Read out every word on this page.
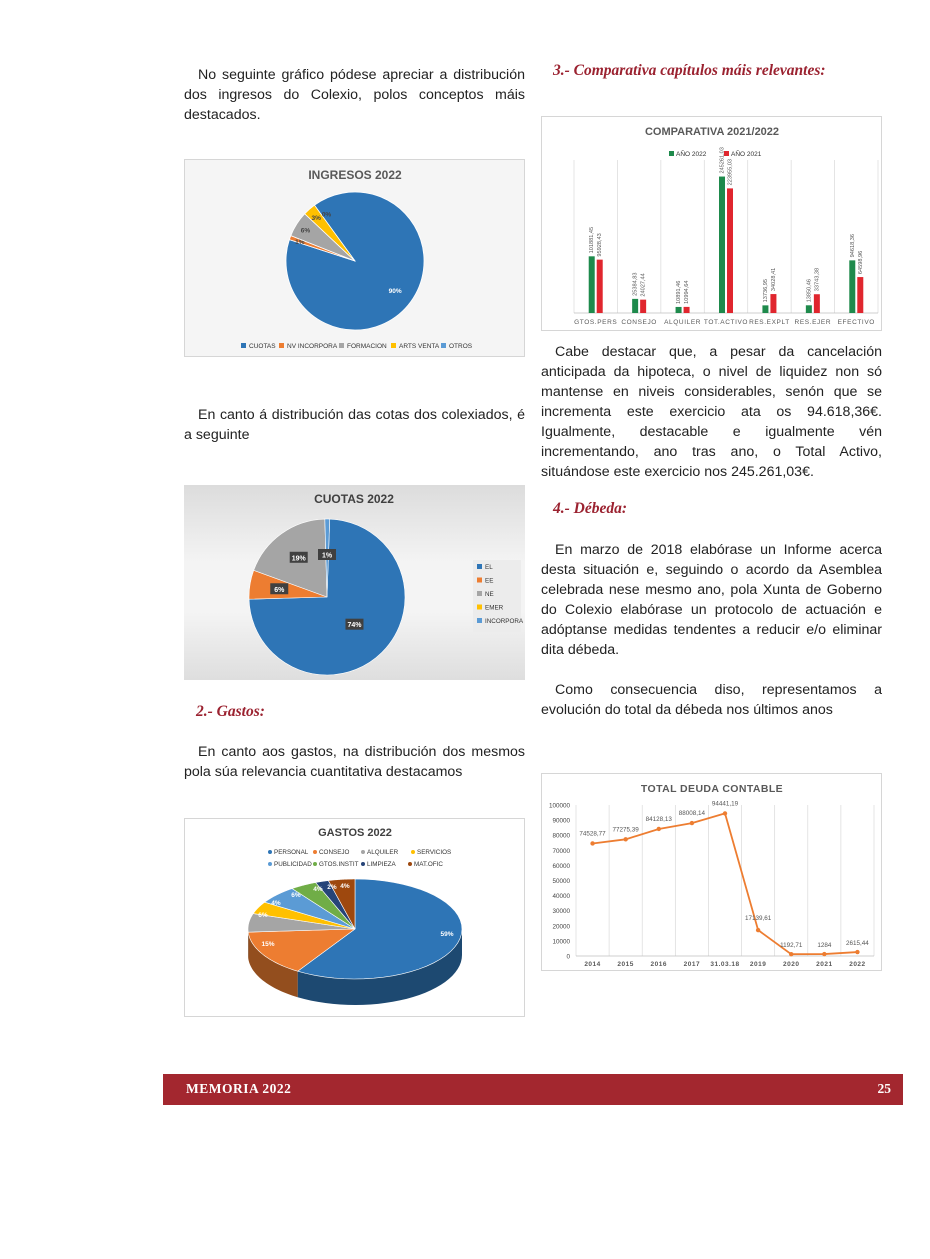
No seguinte gráfico pódese apreciar a distribución dos ingresos do Colexio, polos conceptos máis destacados.

INGRESOS 2022
90%
1%
6%
3% 0%
CUOTAS NV INCORPORA FORMACION ARTS VENTA OTROS

En canto á distribución das cotas dos colexiados, é a seguinte

CUOTAS 2022
74%
6%
19% 1%
EL
EE
NE
EMER
INCORPORA
2.- Gastos:

En canto aos gastos, na distribución dos mesmos pola súa relevancia cuantitativa destacamos

GASTOS 2022
PERSONAL CONSEJO	ALQUILER	SERVICIOS
PUBLICIDAD GTOS.INSTIT LIMPIEZA	MAT.OFIC
59%
15%
6%
4%
6%
4% 2% 4%
3.- Comparativa capítulos máis relevantes:
COMPARATIVA 2021/2022
AÑO 2022	AÑO 2021
101881,45 95928,43
GTOS.PERS
25384,83 24027,44
CONSEJO
10891,46 10994,64
ALQUILER
245261,03 223955,03
TOT.ACTIVO
13736,95 34028,41
RES.EXPLT
13850,46 33743,38
RES.EJER
94618,36
64598,96
EFECTIVO

Cabe destacar que, a pesar da cancelación anticipada da hipoteca, o nivel de liquidez non só mantense en niveis considerables, senón que se incrementa este exercicio ata os 94.618,36€. Igualmente, destacable e igualmente vén incrementando, ano tras ano, o Total Activo, situándose este exercicio nos 245.261,03€.

4.- Débeda:

En marzo de 2018 elabórase un Informe acerca desta situación e, seguindo o acordo da Asemblea celebrada nese mesmo ano, pola Xunta de Goberno do Colexio elabórase un protocolo de actuación e adóptanse medidas tendentes a reducir e/o eliminar dita débeda.

Como consecuencia diso, representamos a evolución do total da débeda nos últimos anos

TOTAL DEUDA CONTABLE
100000
90000
80000
70000
60000
50000
40000
30000
20000
10000
0
74528,77
2014
77275,39
2015
84128,13
2016
88008,14
2017
94441,19
31.03.18
17139,61
2019
1192,71
2020
1284
2021
2615,44
2022
MEMORIA 2022	25
